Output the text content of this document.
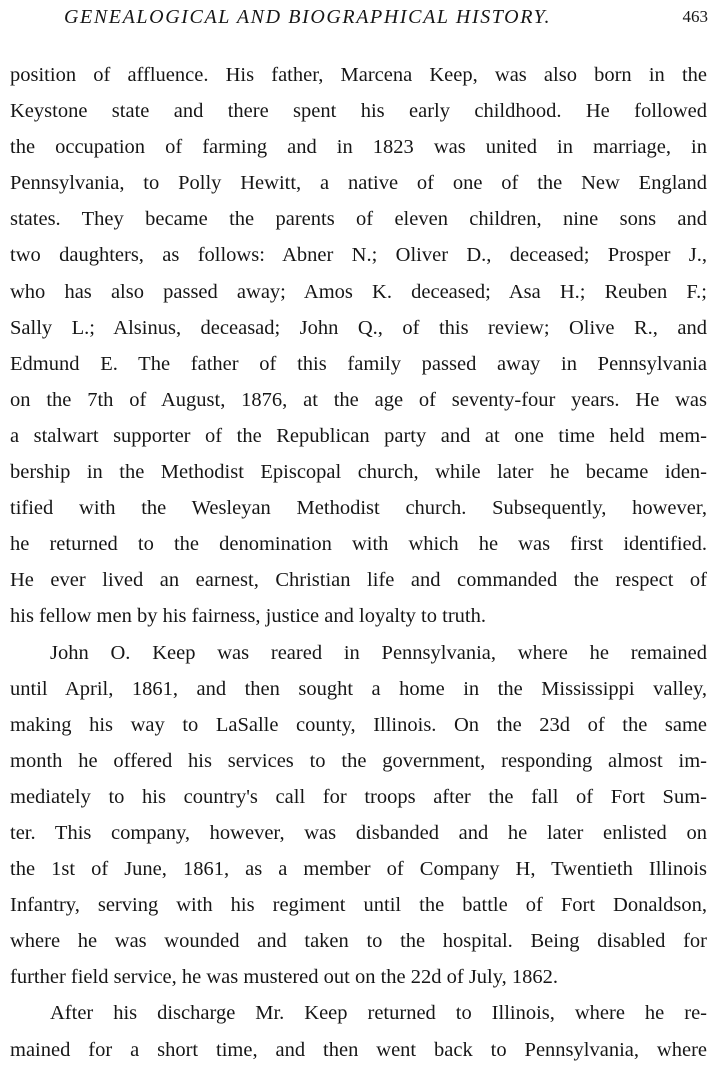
GENEALOGICAL AND BIOGRAPHICAL HISTORY.	463
position of affluence. His father, Marcena Keep, was also born in the
Keystone state and there spent his early childhood. He followed
the occupation of farming and in 1823 was united in marriage, in
Pennsylvania, to Polly Hewitt, a native of one of the New England
states. They became the parents of eleven children, nine sons and
two daughters, as follows: Abner N.; Oliver D., deceased; Prosper J.,
who has also passed away; Amos K. deceased; Asa H.; Reuben F.;
Sally L.; Alsinus, deceasad; John Q., of this review; Olive R., and
Edmund E. The father of this family passed away in Pennsylvania
on the 7th of August, 1876, at the age of seventy-four years. He was
a stalwart supporter of the Republican party and at one time held mem-
bership in the Methodist Episcopal church, while later he became iden-
tified with the Wesleyan Methodist church. Subsequently, however,
he returned to the denomination with which he was first identified.
He ever lived an earnest, Christian life and commanded the respect of
his fellow men by his fairness, justice and loyalty to truth.
John O. Keep was reared in Pennsylvania, where he remained
until April, 1861, and then sought a home in the Mississippi valley,
making his way to LaSalle county, Illinois. On the 23d of the same
month he offered his services to the government, responding almost im-
mediately to his country's call for troops after the fall of Fort Sum-
ter. This company, however, was disbanded and he later enlisted on
the 1st of June, 1861, as a member of Company H, Twentieth Illinois
Infantry, serving with his regiment until the battle of Fort Donaldson,
where he was wounded and taken to the hospital. Being disabled for
further field service, he was mustered out on the 22d of July, 1862.
After his discharge Mr. Keep returned to Illinois, where he re-
mained for a short time, and then went back to Pennsylvania, where
